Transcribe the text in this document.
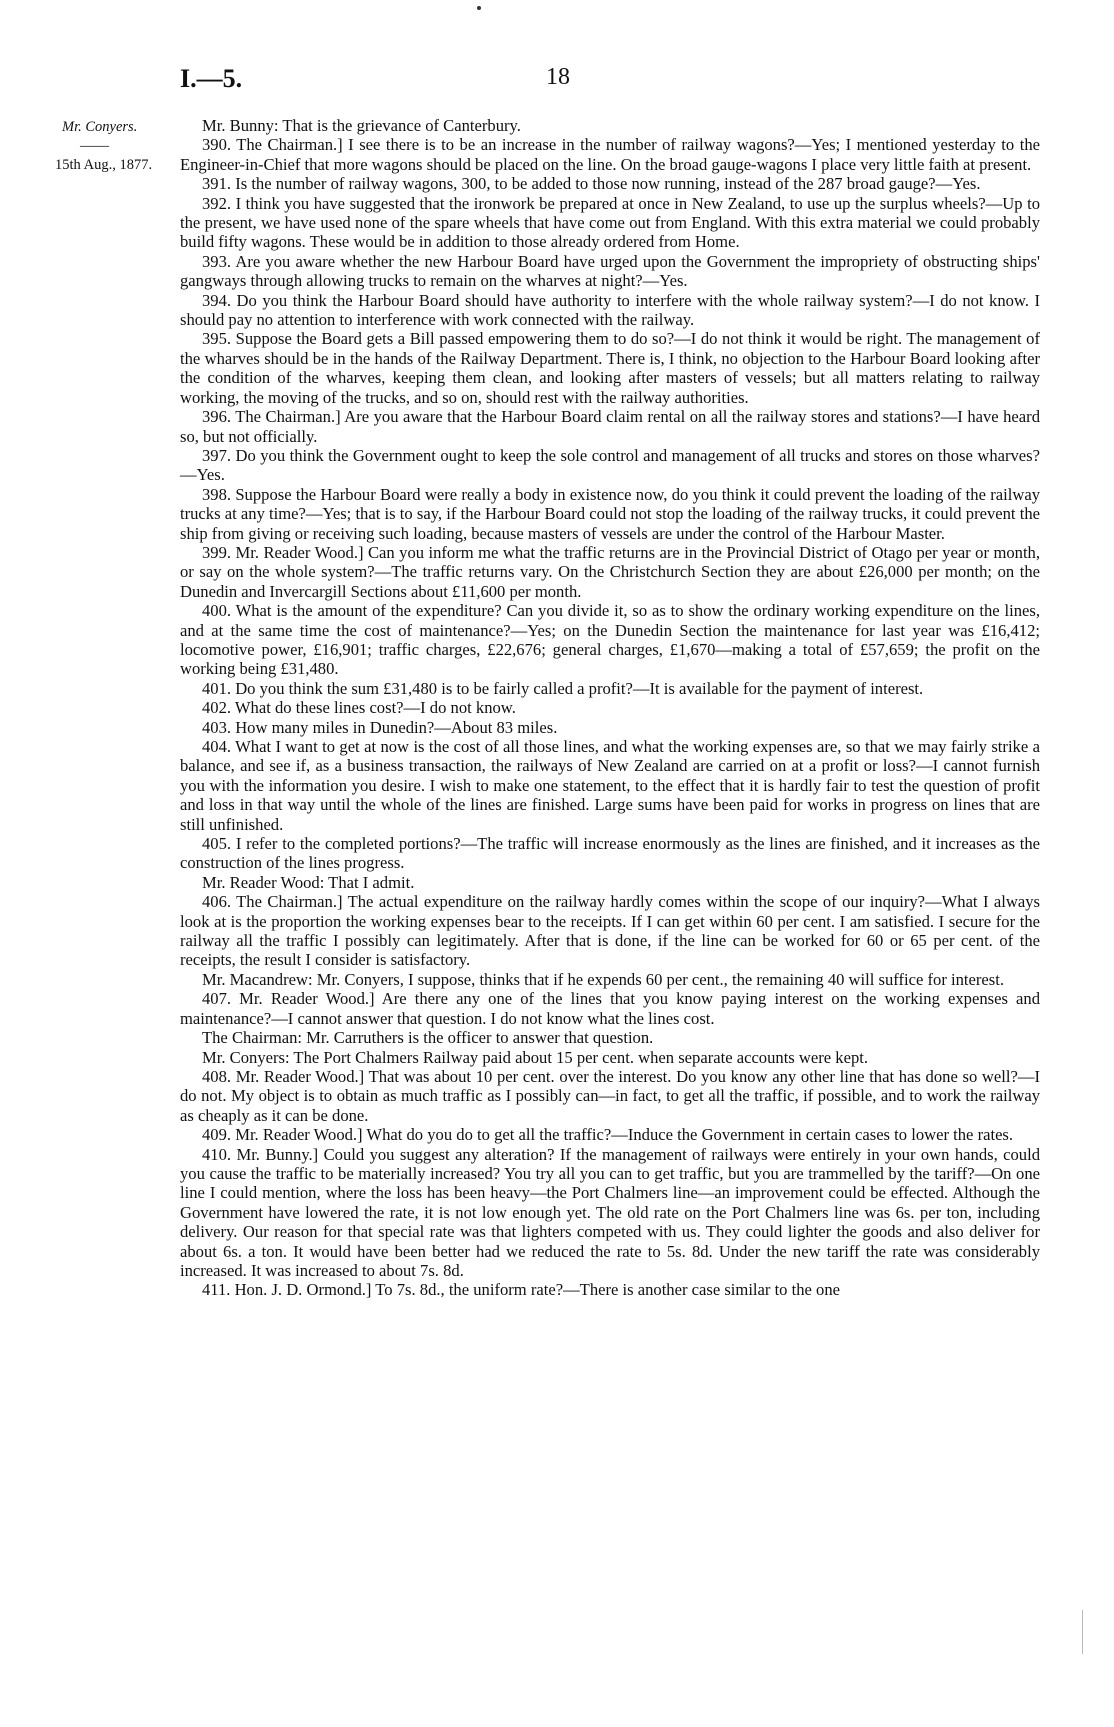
I.—5.	18
Mr. Conyers.
——
15th Aug., 1877.

Mr. Bunny: That is the grievance of Canterbury.

390. The Chairman.] I see there is to be an increase in the number of railway wagons?—Yes; I mentioned yesterday to the Engineer-in-Chief that more wagons should be placed on the line. On the broad gauge-wagons I place very little faith at present.

391. Is the number of railway wagons, 300, to be added to those now running, instead of the 287 broad gauge?—Yes.

392. I think you have suggested that the ironwork be prepared at once in New Zealand, to use up the surplus wheels?—Up to the present, we have used none of the spare wheels that have come out from England. With this extra material we could probably build fifty wagons. These would be in addition to those already ordered from Home.

393. Are you aware whether the new Harbour Board have urged upon the Government the impropriety of obstructing ships' gangways through allowing trucks to remain on the wharves at night?—Yes.

394. Do you think the Harbour Board should have authority to interfere with the whole railway system?—I do not know. I should pay no attention to interference with work connected with the railway.

395. Suppose the Board gets a Bill passed empowering them to do so?—I do not think it would be right. The management of the wharves should be in the hands of the Railway Department. There is, I think, no objection to the Harbour Board looking after the condition of the wharves, keeping them clean, and looking after masters of vessels; but all matters relating to railway working, the moving of the trucks, and so on, should rest with the railway authorities.

396. The Chairman.] Are you aware that the Harbour Board claim rental on all the railway stores and stations?—I have heard so, but not officially.

397. Do you think the Government ought to keep the sole control and management of all trucks and stores on those wharves?—Yes.

398. Suppose the Harbour Board were really a body in existence now, do you think it could prevent the loading of the railway trucks at any time?—Yes; that is to say, if the Harbour Board could not stop the loading of the railway trucks, it could prevent the ship from giving or receiving such loading, because masters of vessels are under the control of the Harbour Master.

399. Mr. Reader Wood.] Can you inform me what the traffic returns are in the Provincial District of Otago per year or month, or say on the whole system?—The traffic returns vary. On the Christchurch Section they are about £26,000 per month; on the Dunedin and Invercargill Sections about £11,600 per month.

400. What is the amount of the expenditure? Can you divide it, so as to show the ordinary working expenditure on the lines, and at the same time the cost of maintenance?—Yes; on the Dunedin Section the maintenance for last year was £16,412; locomotive power, £16,901; traffic charges, £22,676; general charges, £1,670—making a total of £57,659; the profit on the working being £31,480.

401. Do you think the sum £31,480 is to be fairly called a profit?—It is available for the payment of interest.

402. What do these lines cost?—I do not know.

403. How many miles in Dunedin?—About 83 miles.

404. What I want to get at now is the cost of all those lines, and what the working expenses are, so that we may fairly strike a balance, and see if, as a business transaction, the railways of New Zealand are carried on at a profit or loss?—I cannot furnish you with the information you desire. I wish to make one statement, to the effect that it is hardly fair to test the question of profit and loss in that way until the whole of the lines are finished. Large sums have been paid for works in progress on lines that are still unfinished.

405. I refer to the completed portions?—The traffic will increase enormously as the lines are finished, and it increases as the construction of the lines progress.

Mr. Reader Wood: That I admit.

406. The Chairman.] The actual expenditure on the railway hardly comes within the scope of our inquiry?—What I always look at is the proportion the working expenses bear to the receipts. If I can get within 60 per cent. I am satisfied. I secure for the railway all the traffic I possibly can legitimately. After that is done, if the line can be worked for 60 or 65 per cent. of the receipts, the result I consider is satisfactory.

Mr. Macandrew: Mr. Conyers, I suppose, thinks that if he expends 60 per cent., the remaining 40 will suffice for interest.

407. Mr. Reader Wood.] Are there any one of the lines that you know paying interest on the working expenses and maintenance?—I cannot answer that question. I do not know what the lines cost.

The Chairman: Mr. Carruthers is the officer to answer that question.

Mr. Conyers: The Port Chalmers Railway paid about 15 per cent. when separate accounts were kept.

408. Mr. Reader Wood.] That was about 10 per cent. over the interest. Do you know any other line that has done so well?—I do not. My object is to obtain as much traffic as I possibly can—in fact, to get all the traffic, if possible, and to work the railway as cheaply as it can be done.

409. Mr. Reader Wood.] What do you do to get all the traffic?—Induce the Government in certain cases to lower the rates.

410. Mr. Bunny.] Could you suggest any alteration? If the management of railways were entirely in your own hands, could you cause the traffic to be materially increased? You try all you can to get traffic, but you are trammelled by the tariff?—On one line I could mention, where the loss has been heavy—the Port Chalmers line—an improvement could be effected. Although the Government have lowered the rate, it is not low enough yet. The old rate on the Port Chalmers line was 6s. per ton, including delivery. Our reason for that special rate was that lighters competed with us. They could lighter the goods and also deliver for about 6s. a ton. It would have been better had we reduced the rate to 5s. 8d. Under the new tariff the rate was considerably increased. It was increased to about 7s. 8d.

411. Hon. J. D. Ormond.] To 7s. 8d., the uniform rate?—There is another case similar to the one
